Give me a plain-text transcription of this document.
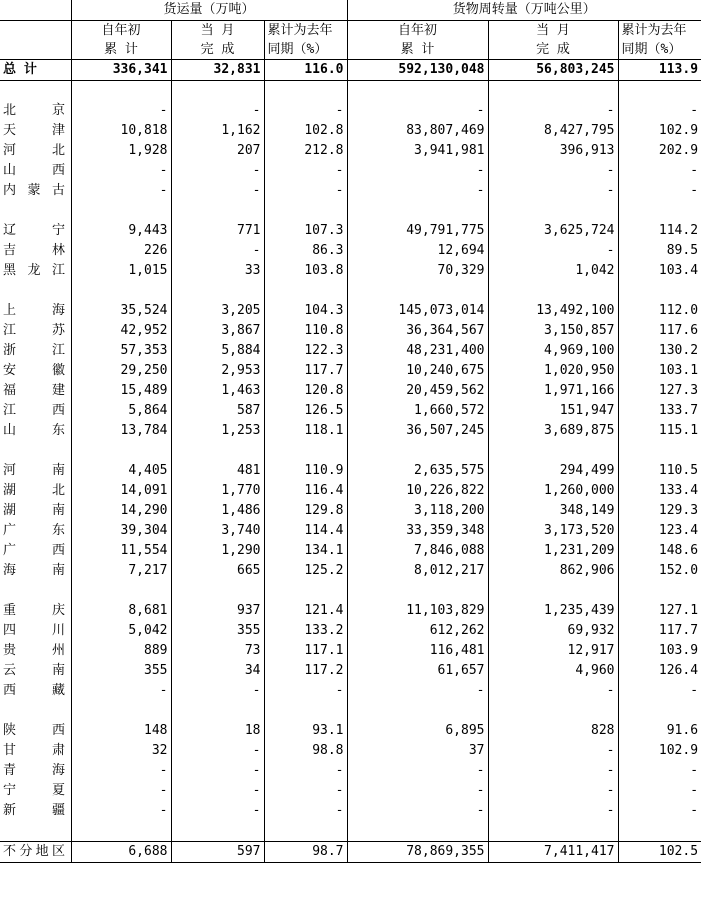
	货运量（万吨）			货物周转量（万吨公里）		
	自年初	当 月	累计为去年	自年初	当 月	累计为去年
	累 计	完 成	同期（%）	累 计	完 成	同期（%）
总 计	336,341	32,831	116.0	592,130,048	56,803,245	113.9

北京	-	-	-	-	-	-
天津	10,818	1,162	102.8	83,807,469	8,427,795	102.9
河北	1,928	207	212.8	3,941,981	396,913	202.9
山西	-	-	-	-	-	-
内蒙古	-	-	-	-	-	-

辽宁	9,443	771	107.3	49,791,775	3,625,724	114.2
吉林	226	-	86.3	12,694	-	89.5
黑龙江	1,015	33	103.8	70,329	1,042	103.4

上海	35,524	3,205	104.3	145,073,014	13,492,100	112.0
江苏	42,952	3,867	110.8	36,364,567	3,150,857	117.6
浙江	57,353	5,884	122.3	48,231,400	4,969,100	130.2
安徽	29,250	2,953	117.7	10,240,675	1,020,950	103.1
福建	15,489	1,463	120.8	20,459,562	1,971,166	127.3
江西	5,864	587	126.5	1,660,572	151,947	133.7
山东	13,784	1,253	118.1	36,507,245	3,689,875	115.1

河南	4,405	481	110.9	2,635,575	294,499	110.5
湖北	14,091	1,770	116.4	10,226,822	1,260,000	133.4
湖南	14,290	1,486	129.8	3,118,200	348,149	129.3
广东	39,304	3,740	114.4	33,359,348	3,173,520	123.4
广西	11,554	1,290	134.1	7,846,088	1,231,209	148.6
海南	7,217	665	125.2	8,012,217	862,906	152.0

重庆	8,681	937	121.4	11,103,829	1,235,439	127.1
四川	5,042	355	133.2	612,262	69,932	117.7
贵州	889	73	117.1	116,481	12,917	103.9
云南	355	34	117.2	61,657	4,960	126.4
西藏	-	-	-	-	-	-

陕西	148	18	93.1	6,895	828	91.6
甘肃	32	-	98.8	37	-	102.9
青海	-	-	-	-	-	-
宁夏	-	-	-	-	-	-
新疆	-	-	-	-	-	-

不分地区	6,688	597	98.7	78,869,355	7,411,417	102.5
